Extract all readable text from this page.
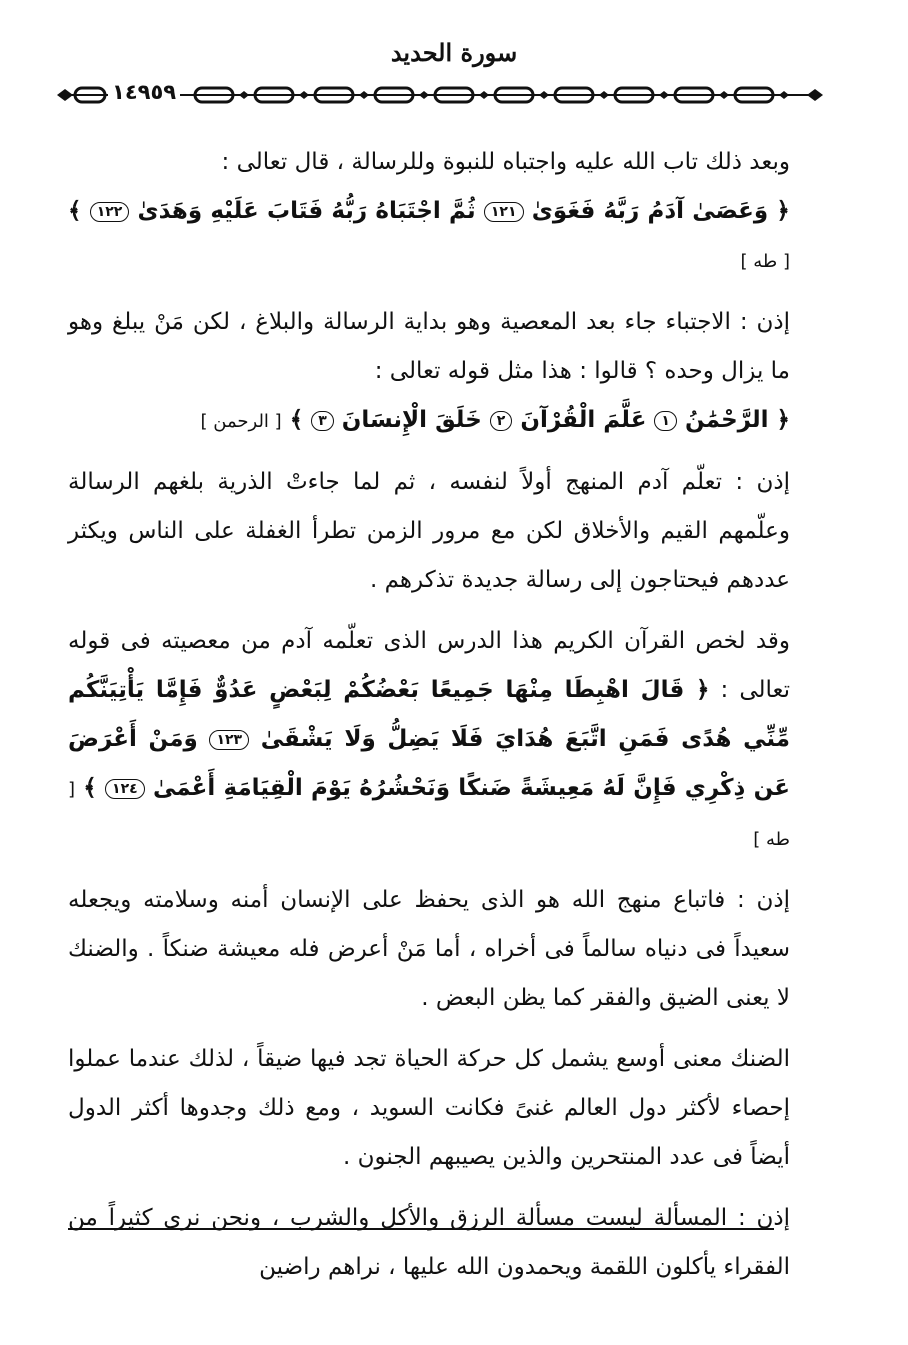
سورة الحديد
١٤٩٥٩

وبعد ذلك تاب الله عليه واجتباه للنبوة وللرسالة ، قال تعالى :
﴿ وَعَصَىٰ آدَمُ رَبَّهُ فَغَوَىٰ ١٢١ ثُمَّ اجْتَبَاهُ رَبُّهُ فَتَابَ عَلَيْهِ وَهَدَىٰ ١٢٢ ﴾ [ طه ]

إذن : الاجتباء جاء بعد المعصية وهو بداية الرسالة والبلاغ ، لكن مَنْ يبلغ وهو ما يزال وحده ؟ قالوا : هذا مثل قوله تعالى :
﴿ الرَّحْمَٰنُ ١ عَلَّمَ الْقُرْآنَ ٢ خَلَقَ الْإِنسَانَ ٣ ﴾ [ الرحمن ]

إذن : تعلّم آدم المنهج أولاً لنفسه ، ثم لما جاءتْ الذرية بلغهم الرسالة وعلّمهم القيم والأخلاق لكن مع مرور الزمن تطرأ الغفلة على الناس ويكثر عددهم فيحتاجون إلى رسالة جديدة تذكرهم .

وقد لخص القرآن الكريم هذا الدرس الذى تعلّمه آدم من معصيته فى قوله تعالى : ﴿ قَالَ اهْبِطَا مِنْهَا جَمِيعًا بَعْضُكُمْ لِبَعْضٍ عَدُوٌّ فَإِمَّا يَأْتِيَنَّكُم مِّنِّي هُدًى فَمَنِ اتَّبَعَ هُدَايَ فَلَا يَضِلُّ وَلَا يَشْقَىٰ ١٢٣ وَمَنْ أَعْرَضَ عَن ذِكْرِي فَإِنَّ لَهُ مَعِيشَةً ضَنكًا وَنَحْشُرُهُ يَوْمَ الْقِيَامَةِ أَعْمَىٰ ١٢٤ ﴾ [ طه ]

إذن : فاتباع منهج الله هو الذى يحفظ على الإنسان أمنه وسلامته ويجعله سعيداً فى دنياه سالماً فى أخراه ، أما مَنْ أعرض فله معيشة ضنكاً . والضنك لا يعنى الضيق والفقر كما يظن البعض .

الضنك معنى أوسع يشمل كل حركة الحياة تجد فيها ضيقاً ، لذلك عندما عملوا إحصاء لأكثر دول العالم غنىً فكانت السويد ، ومع ذلك وجدوها أكثر الدول أيضاً فى عدد المنتحرين والذين يصيبهم الجنون .

إذن : المسألة ليست مسألة الرزق والأكل والشرب ، ونحن نرى كثيراً من الفقراء يأكلون اللقمة ويحمدون الله عليها ، نراهم راضين
